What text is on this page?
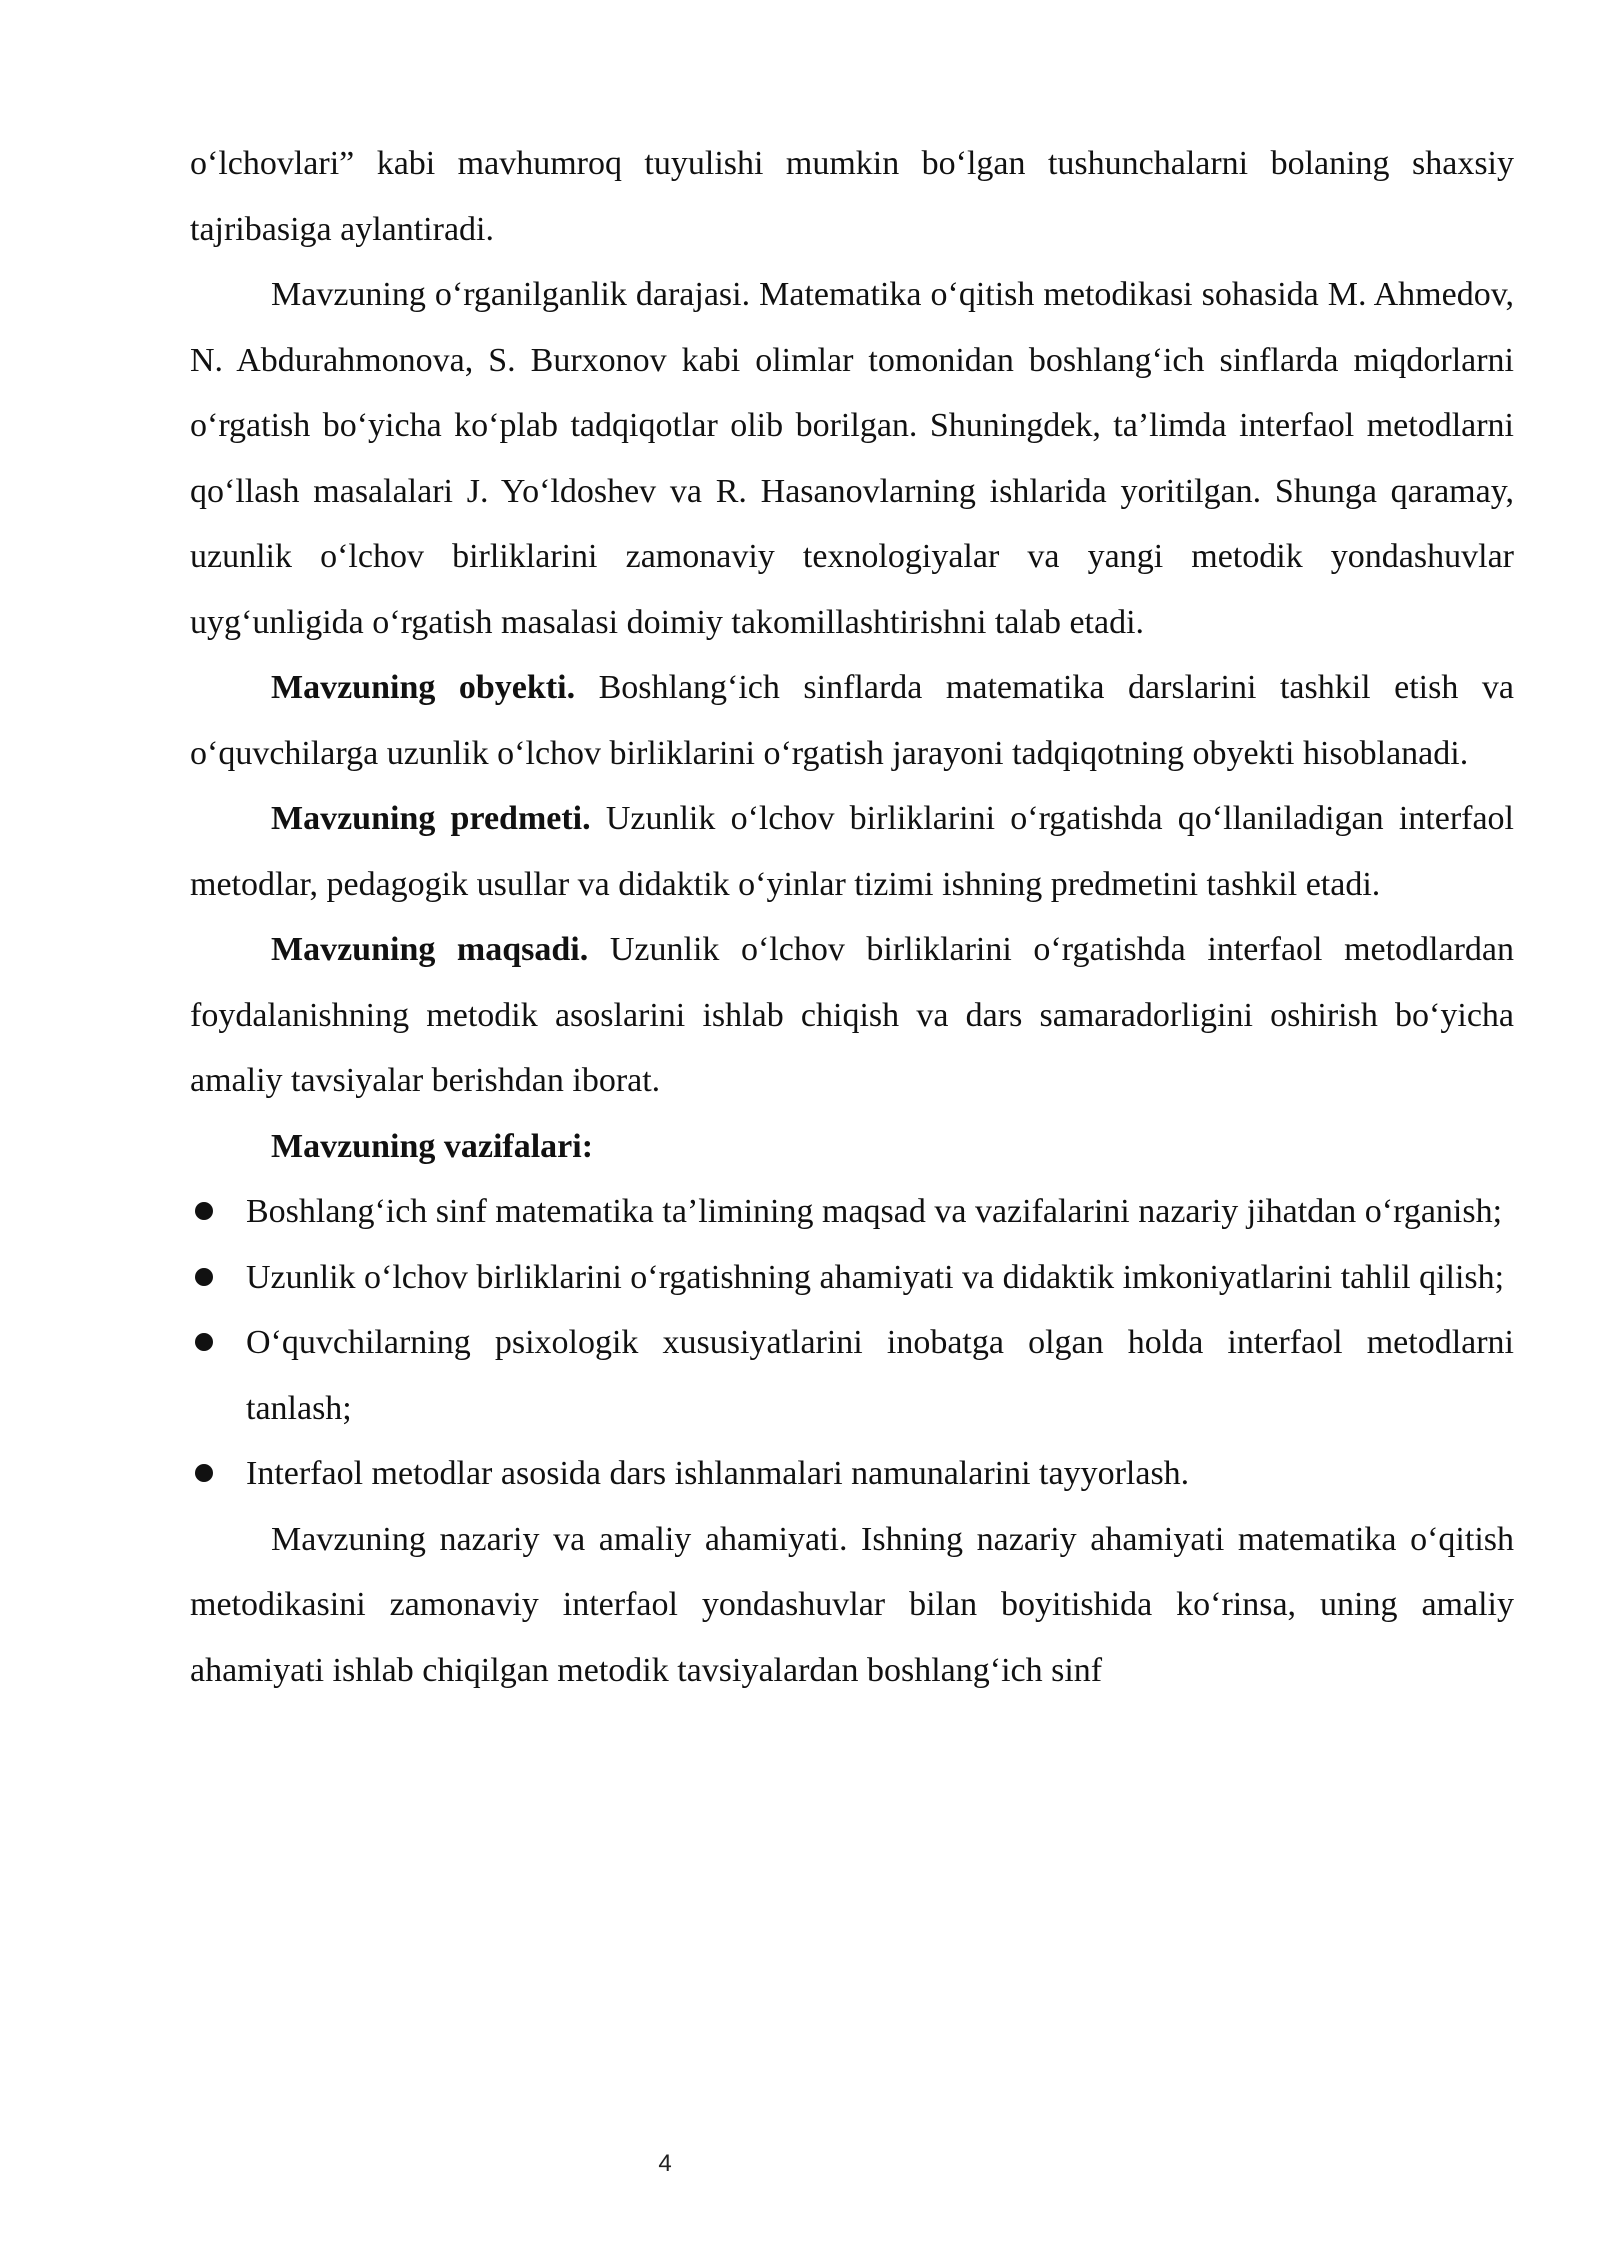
o‘lchovlari” kabi mavhumroq tuyulishi mumkin bo‘lgan tushunchalarni bolaning shaxsiy tajribasiga aylantiradi.

Mavzuning o‘rganilganlik darajasi. Matematika o‘qitish metodikasi sohasida M. Ahmedov, N. Abdurahmonova, S. Burxonov kabi olimlar tomonidan boshlang‘ich sinflarda miqdorlarni o‘rgatish bo‘yicha ko‘plab tadqiqotlar olib borilgan. Shuningdek, ta’limda interfaol metodlarni qo‘llash masalalari J. Yo‘ldoshev va R. Hasanovlarning ishlarida yoritilgan. Shunga qaramay, uzunlik o‘lchov birliklarini zamonaviy texnologiyalar va yangi metodik yondashuvlar uyg‘unligida o‘rgatish masalasi doimiy takomillashtirishni talab etadi.

Mavzuning obyekti. Boshlang‘ich sinflarda matematika darslarini tashkil etish va o‘quvchilarga uzunlik o‘lchov birliklarini o‘rgatish jarayoni tadqiqotning obyekti hisoblanadi.

Mavzuning predmeti. Uzunlik o‘lchov birliklarini o‘rgatishda qo‘llaniladigan interfaol metodlar, pedagogik usullar va didaktik o‘yinlar tizimi ishning predmetini tashkil etadi.

Mavzuning maqsadi. Uzunlik o‘lchov birliklarini o‘rgatishda interfaol metodlardan foydalanishning metodik asoslarini ishlab chiqish va dars samaradorligini oshirish bo‘yicha amaliy tavsiyalar berishdan iborat.

Mavzuning vazifalari:

Boshlang‘ich sinf matematika ta’limining maqsad va vazifalarini nazariy jihatdan o‘rganish;
Uzunlik o‘lchov birliklarini o‘rgatishning ahamiyati va didaktik imkoniyatlarini tahlil qilish;
O‘quvchilarning psixologik xususiyatlarini inobatga olgan holda interfaol metodlarni tanlash;
Interfaol metodlar asosida dars ishlanmalari namunalarini tayyorlash.

Mavzuning nazariy va amaliy ahamiyati. Ishning nazariy ahamiyati matematika o‘qitish metodikasini zamonaviy interfaol yondashuvlar bilan boyitishida ko‘rinsa, uning amaliy ahamiyati ishlab chiqilgan metodik tavsiyalardan boshlang‘ich sinf

4
